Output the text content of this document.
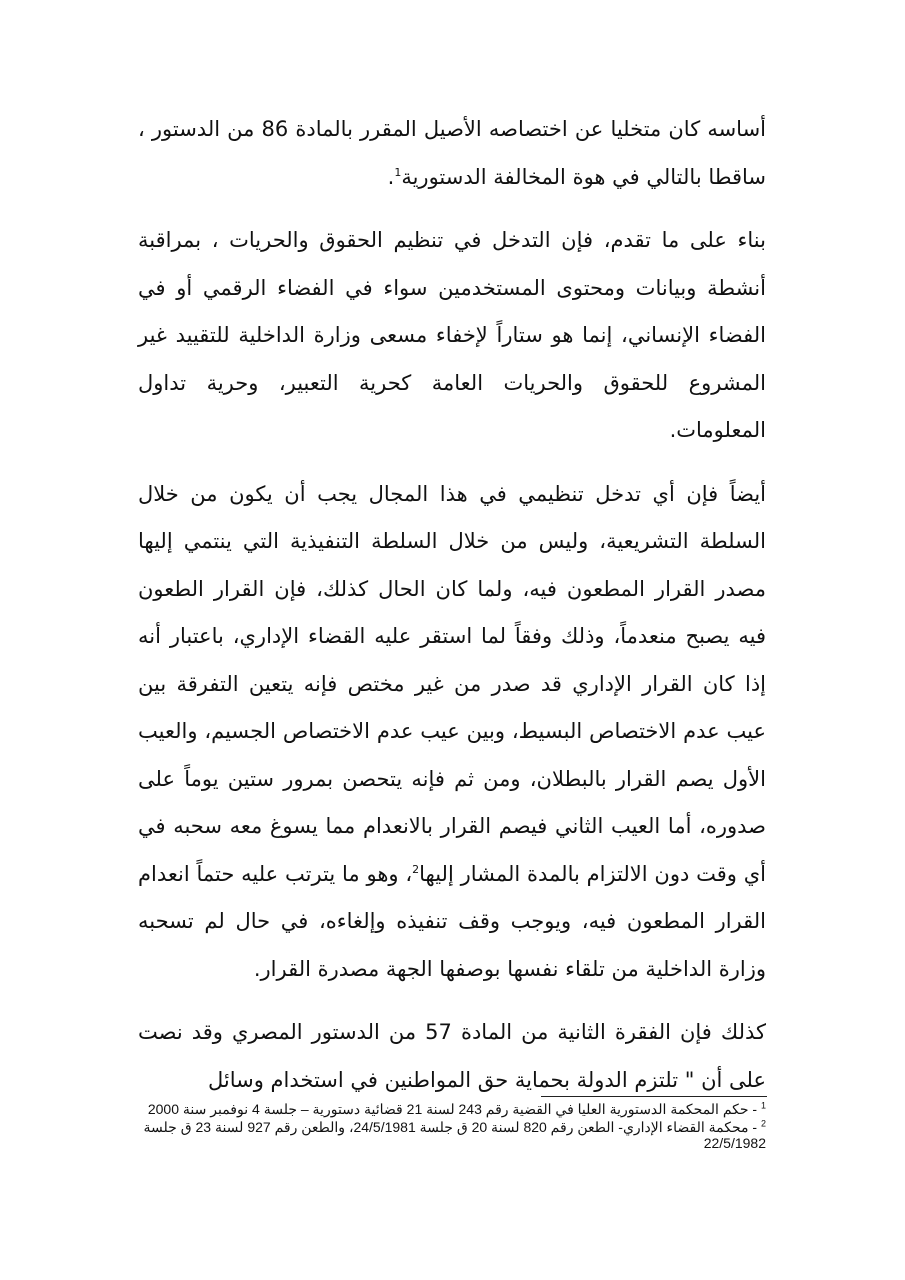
أساسه كان متخليا عن اختصاصه الأصيل المقرر بالمادة 86 من الدستور ، ساقطا بالتالي في هوة المخالفة الدستورية$^1$.

بناء على ما تقدم، فإن التدخل في تنظيم الحقوق والحريات ، بمراقبة أنشطة وبيانات ومحتوى المستخدمين سواء في الفضاء الرقمي أو في الفضاء الإنساني، إنما هو ستاراً لإخفاء مسعى وزارة الداخلية للتقييد غير المشروع للحقوق والحريات العامة كحرية التعبير، وحرية تداول المعلومات.

أيضاً فإن أي تدخل تنظيمي في هذا المجال يجب أن يكون من خلال السلطة التشريعية، وليس من خلال السلطة التنفيذية التي ينتمي إليها مصدر القرار المطعون فيه، ولما كان الحال كذلك، فإن القرار الطعون فيه يصبح منعدماً، وذلك وفقاً لما استقر عليه القضاء الإداري، باعتبار أنه إذا كان القرار الإداري قد صدر من غير مختص فإنه يتعين التفرقة بين عيب عدم الاختصاص البسيط، وبين عيب عدم الاختصاص الجسيم، والعيب الأول يصم القرار بالبطلان، ومن ثم فإنه يتحصن بمرور ستين يوماً على صدوره، أما العيب الثاني فيصم القرار بالانعدام مما يسوغ معه سحبه في أي وقت دون الالتزام بالمدة المشار إليها$^2$، وهو ما يترتب عليه حتماً انعدام القرار المطعون فيه، ويوجب وقف تنفيذه وإلغاءه، في حال لم تسحبه وزارة الداخلية من تلقاء نفسها بوصفها الجهة مصدرة القرار.

كذلك فإن الفقرة الثانية من المادة 57 من الدستور المصري وقد نصت على أن " تلتزم الدولة بحماية حق المواطنين في استخدام وسائل

$^1$ - حكم المحكمة الدستورية العليا في القضية رقم 243 لسنة 21 قضائية دستورية – جلسة 4 نوفمبر سنة 2000

$^2$ - محكمة القضاء الإداري- الطعن رقم 820 لسنة 20 ق جلسة 24/5/1981، والطعن رقم 927 لسنة 23 ق جلسة 22/5/1982
